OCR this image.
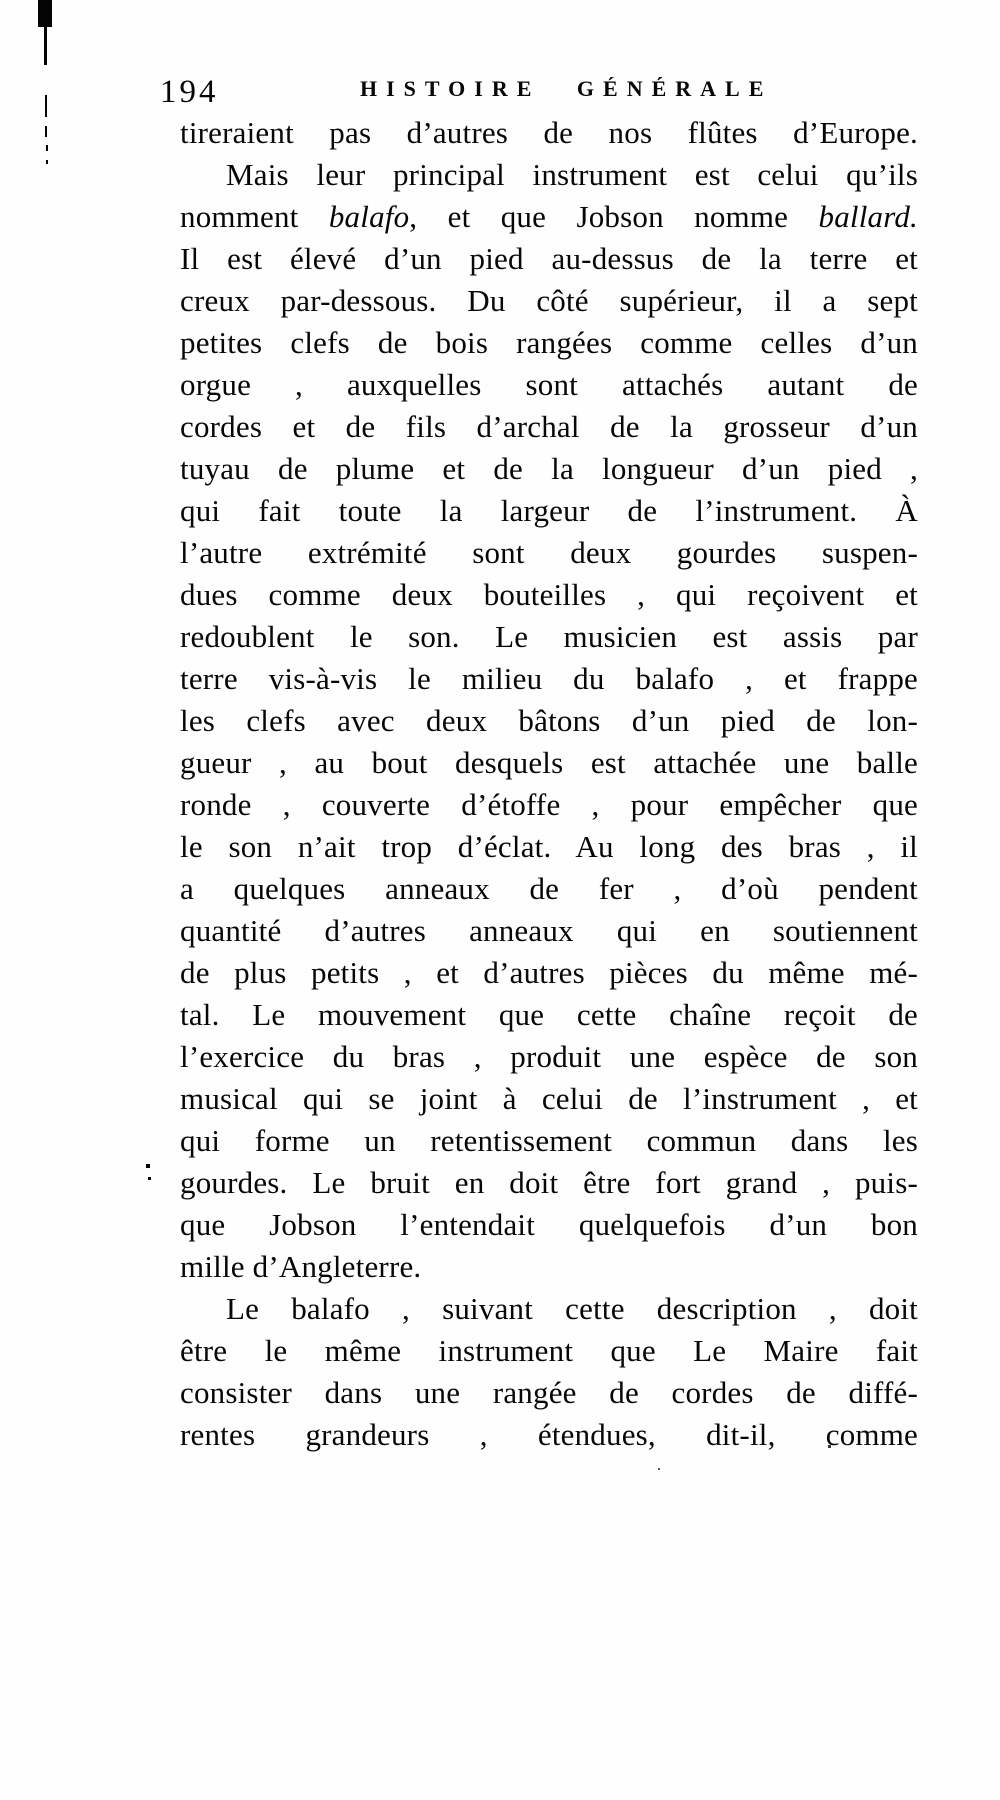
194	HISTOIRE GÉNÉRALE
tireraient pas d’autres de nos flûtes d’Europe.
Mais leur principal instrument est celui qu’ils
nomment balafo, et que Jobson nomme ballard.
Il est élevé d’un pied au-dessus de la terre et
creux par-dessous. Du côté supérieur, il a sept
petites clefs de bois rangées comme celles d’un
orgue , auxquelles sont attachés autant de
cordes et de fils d’archal de la grosseur d’un
tuyau de plume et de la longueur d’un pied ,
qui fait toute la largeur de l’instrument. À
l’autre extrémité sont deux gourdes suspen-
dues comme deux bouteilles , qui reçoivent et
redoublent le son. Le musicien est assis par
terre vis-à-vis le milieu du balafo , et frappe
les clefs avec deux bâtons d’un pied de lon-
gueur , au bout desquels est attachée une balle
ronde , couverte d’étoffe , pour empêcher que
le son n’ait trop d’éclat. Au long des bras , il
a quelques anneaux de fer , d’où pendent
quantité d’autres anneaux qui en soutiennent
de plus petits , et d’autres pièces du même mé-
tal. Le mouvement que cette chaîne reçoit de
l’exercice du bras , produit une espèce de son
musical qui se joint à celui de l’instrument , et
qui forme un retentissement commun dans les
gourdes. Le bruit en doit être fort grand , puis-
que Jobson l’entendait quelquefois d’un bon
mille d’Angleterre.
Le balafo , suivant cette description , doit
être le même instrument que Le Maire fait
consister dans une rangée de cordes de diffé-
rentes grandeurs , étendues, dit-il, comme
